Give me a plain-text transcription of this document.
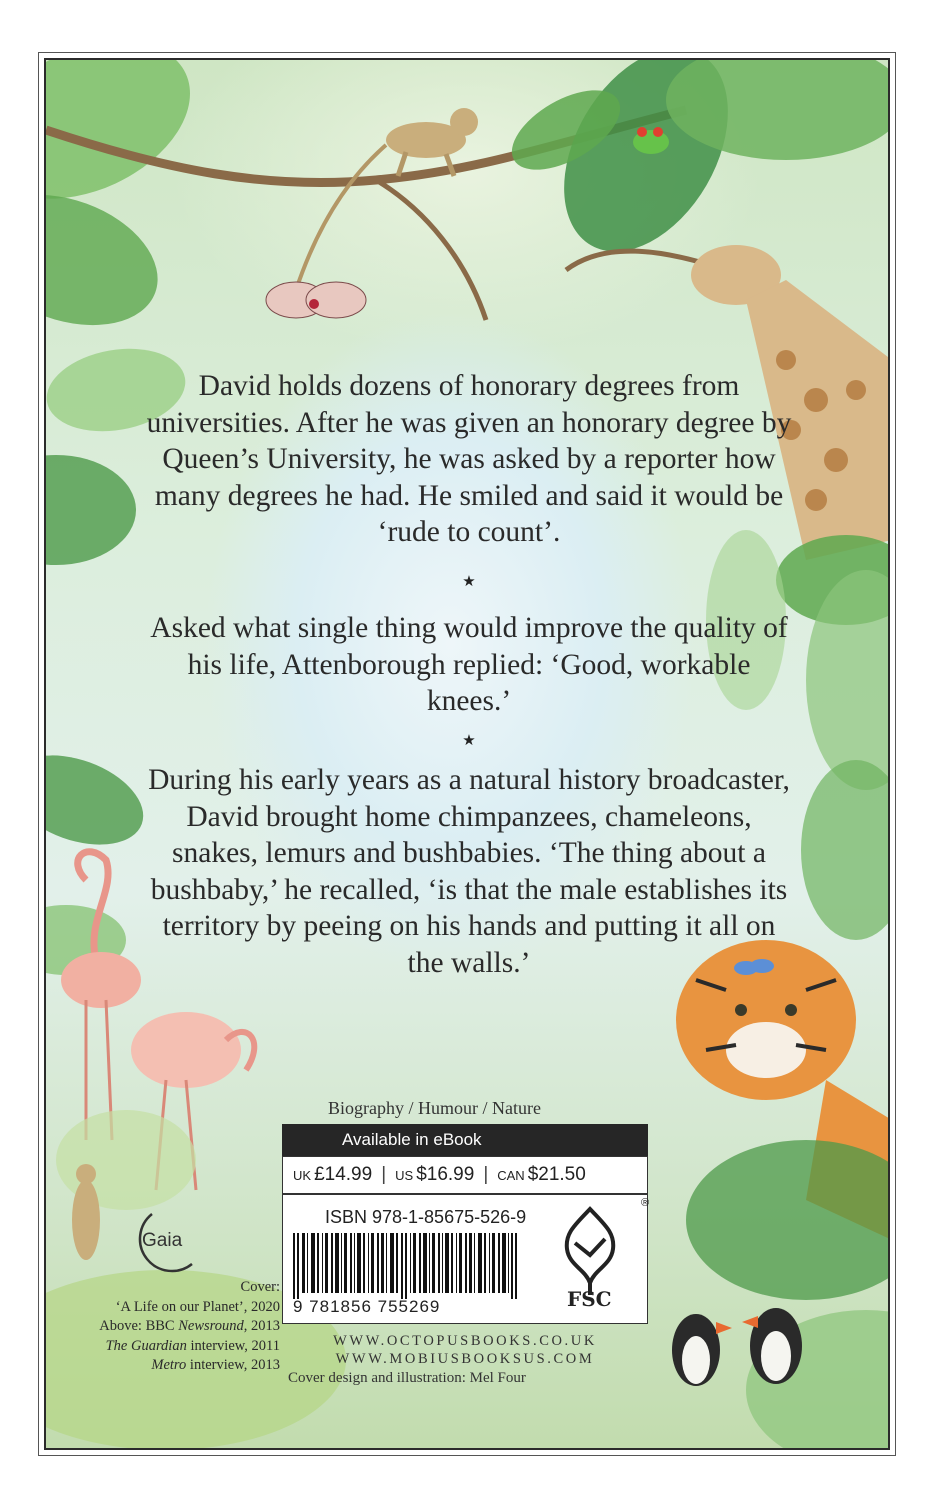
David holds dozens of honorary degrees from universities. After he was given an honorary degree by Queen’s University, he was asked by a reporter how many degrees he had. He smiled and said it would be ‘rude to count’.
★
Asked what single thing would improve the quality of his life, Attenborough replied: ‘Good, workable knees.’
★
During his early years as a natural history broadcaster, David brought home chimpanzees, chameleons, snakes, lemurs and bushbabies. ‘The thing about a bushbaby,’ he recalled, ‘is that the male establishes its territory by peeing on his hands and putting it all on the walls.’
Biography / Humour / Nature
Available in eBook
UK £14.99 | US $16.99 | CAN $21.50
ISBN 978-1-85675-526-9
9 781856 755269
®
FSC
WWW.OCTOPUSBOOKS.CO.UK
WWW.MOBIUSBOOKSUS.COM
Cover design and illustration: Mel Four
Gaia
Cover:
‘A Life on our Planet’, 2020
Above: BBC Newsround, 2013
The Guardian interview, 2011
Metro interview, 2013
